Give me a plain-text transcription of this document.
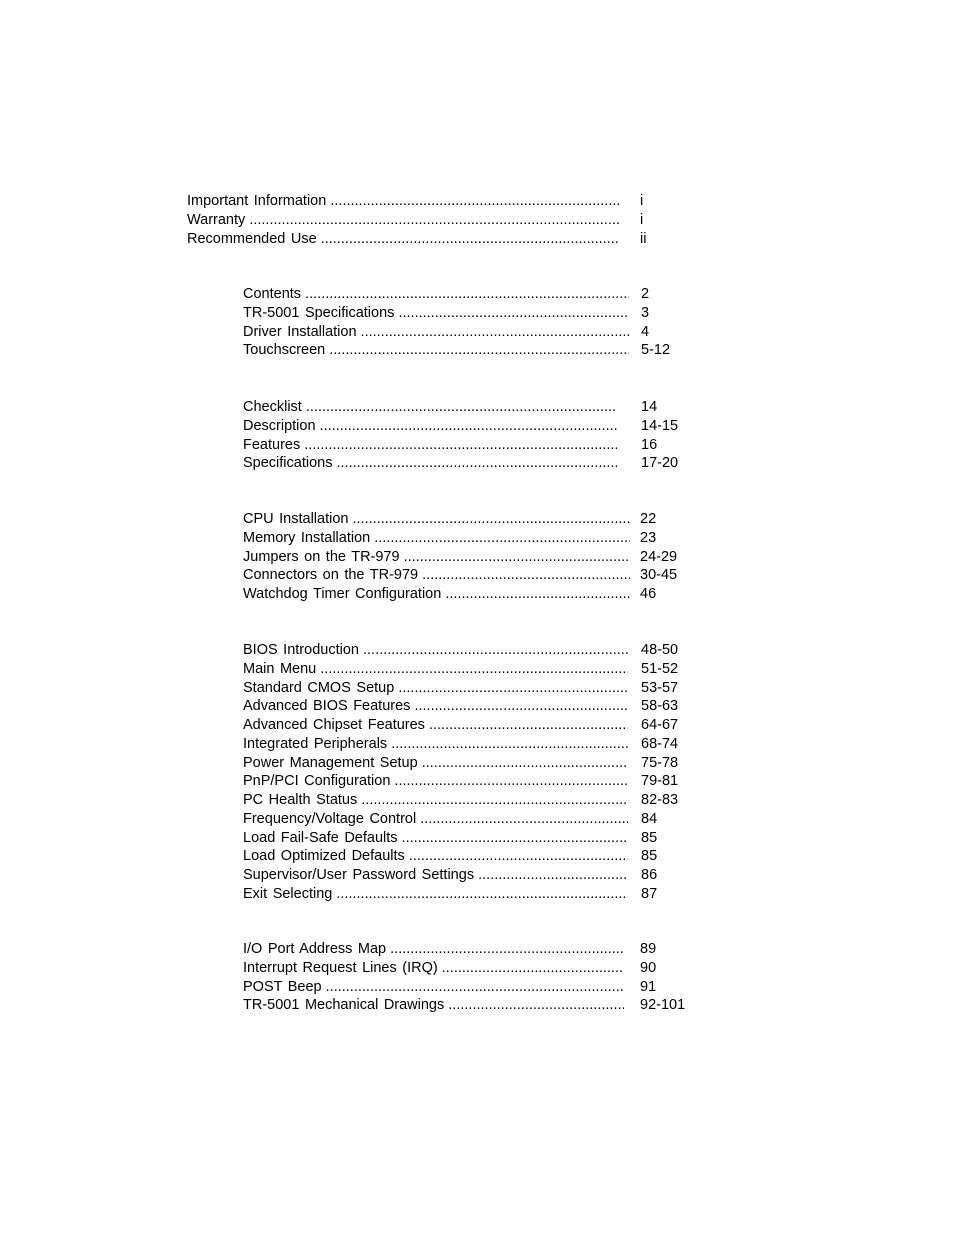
Important Information .....	i
Warranty .....	i
Recommended Use .....	ii
Contents .....	2
TR-5001 Specifications .....	3
Driver Installation .....	4
Touchscreen .....	5-12
Checklist .....	14
Description .....	14-15
Features .....	16
Specifications .....	17-20
CPU Installation .....	22
Memory Installation .....	23
Jumpers on the TR-979 .....	24-29
Connectors on the TR-979 .....	30-45
Watchdog Timer Configuration .....	46
BIOS Introduction .....	48-50
Main Menu .....	51-52
Standard CMOS Setup .....	53-57
Advanced BIOS Features .....	58-63
Advanced Chipset Features .....	64-67
Integrated Peripherals .....	68-74
Power Management Setup .....	75-78
PnP/PCI Configuration .....	79-81
PC Health Status .....	82-83
Frequency/Voltage Control .....	84
Load Fail-Safe Defaults .....	85
Load Optimized Defaults .....	85
Supervisor/User Password Settings .....	86
Exit Selecting .....	87
I/O Port Address Map .....	89
Interrupt Request Lines (IRQ) .....	90
POST Beep .....	91
TR-5001 Mechanical Drawings .....	92-101
